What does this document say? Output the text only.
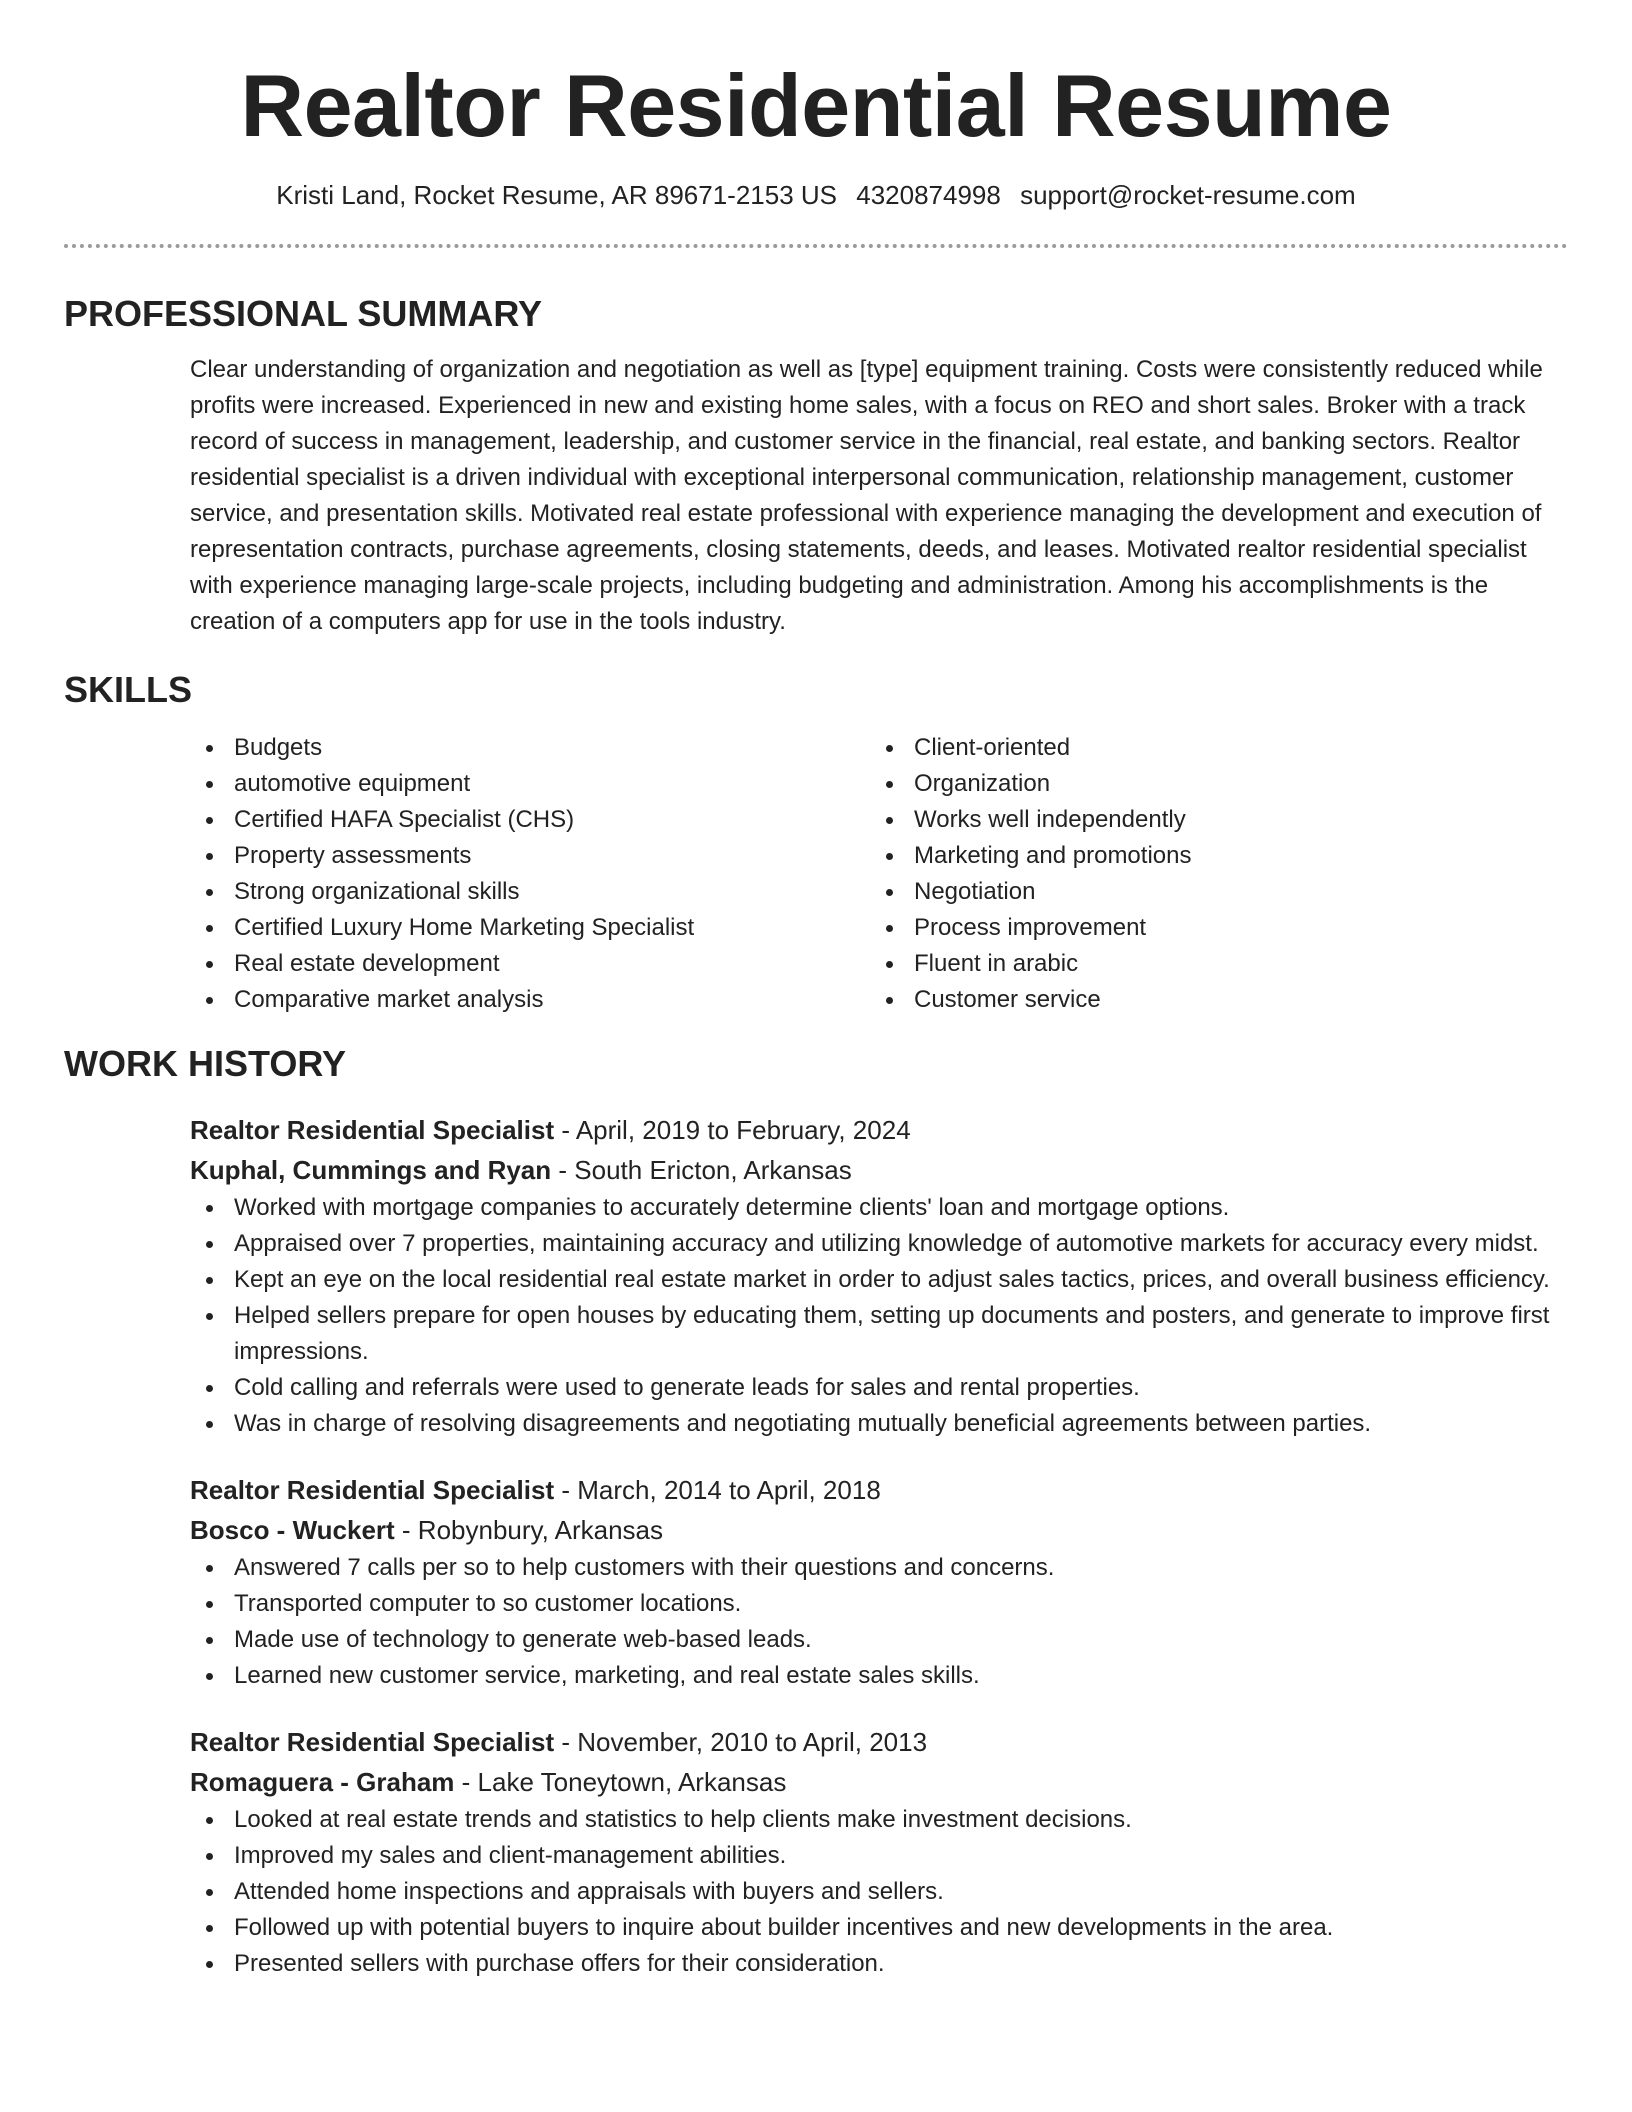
Realtor Residential Resume
Kristi Land, Rocket Resume, AR 89671-2153 US 4320874998 support@rocket-resume.com
PROFESSIONAL SUMMARY
Clear understanding of organization and negotiation as well as [type] equipment training. Costs were consistently reduced while profits were increased. Experienced in new and existing home sales, with a focus on REO and short sales. Broker with a track record of success in management, leadership, and customer service in the financial, real estate, and banking sectors. Realtor residential specialist is a driven individual with exceptional interpersonal communication, relationship management, customer service, and presentation skills. Motivated real estate professional with experience managing the development and execution of representation contracts, purchase agreements, closing statements, deeds, and leases. Motivated realtor residential specialist with experience managing large-scale projects, including budgeting and administration. Among his accomplishments is the creation of a computers app for use in the tools industry.
SKILLS
Budgets
automotive equipment
Certified HAFA Specialist (CHS)
Property assessments
Strong organizational skills
Certified Luxury Home Marketing Specialist
Real estate development
Comparative market analysis
Client-oriented
Organization
Works well independently
Marketing and promotions
Negotiation
Process improvement
Fluent in arabic
Customer service
WORK HISTORY
Realtor Residential Specialist - April, 2019 to February, 2024
Kuphal, Cummings and Ryan - South Ericton, Arkansas
Worked with mortgage companies to accurately determine clients' loan and mortgage options.
Appraised over 7 properties, maintaining accuracy and utilizing knowledge of automotive markets for accuracy every midst.
Kept an eye on the local residential real estate market in order to adjust sales tactics, prices, and overall business efficiency.
Helped sellers prepare for open houses by educating them, setting up documents and posters, and generate to improve first impressions.
Cold calling and referrals were used to generate leads for sales and rental properties.
Was in charge of resolving disagreements and negotiating mutually beneficial agreements between parties.
Realtor Residential Specialist - March, 2014 to April, 2018
Bosco - Wuckert - Robynbury, Arkansas
Answered 7 calls per so to help customers with their questions and concerns.
Transported computer to so customer locations.
Made use of technology to generate web-based leads.
Learned new customer service, marketing, and real estate sales skills.
Realtor Residential Specialist - November, 2010 to April, 2013
Romaguera - Graham - Lake Toneytown, Arkansas
Looked at real estate trends and statistics to help clients make investment decisions.
Improved my sales and client-management abilities.
Attended home inspections and appraisals with buyers and sellers.
Followed up with potential buyers to inquire about builder incentives and new developments in the area.
Presented sellers with purchase offers for their consideration.
